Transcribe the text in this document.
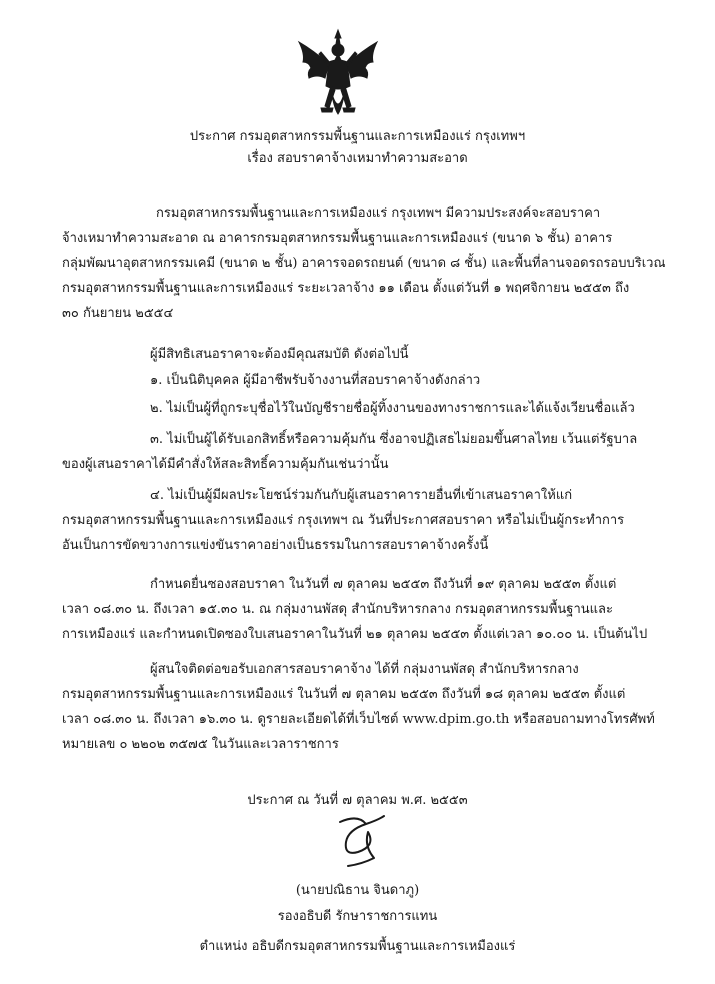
ประกาศ กรมอุตสาหกรรมพื้นฐานและการเหมืองแร่ กรุงเทพฯ
เรื่อง สอบราคาจ้างเหมาทำความสะอาด
กรมอุตสาหกรรมพื้นฐานและการเหมืองแร่ กรุงเทพฯ มีความประสงค์จะสอบราคา
จ้างเหมาทำความสะอาด ณ อาคารกรมอุตสาหกรรมพื้นฐานและการเหมืองแร่ (ขนาด ๖ ชั้น) อาคาร
กลุ่มพัฒนาอุตสาหกรรมเคมี (ขนาด ๒ ชั้น) อาคารจอดรถยนต์ (ขนาด ๘ ชั้น) และพื้นที่ลานจอดรถรอบบริเวณ
กรมอุตสาหกรรมพื้นฐานและการเหมืองแร่ ระยะเวลาจ้าง ๑๑ เดือน ตั้งแต่วันที่ ๑ พฤศจิกายน ๒๕๕๓ ถึง
๓๐ กันยายน ๒๕๕๔
ผู้มีสิทธิเสนอราคาจะต้องมีคุณสมบัติ ดังต่อไปนี้
๑. เป็นนิติบุคคล ผู้มีอาชีพรับจ้างงานที่สอบราคาจ้างดังกล่าว
๒. ไม่เป็นผู้ที่ถูกระบุชื่อไว้ในบัญชีรายชื่อผู้ทิ้งงานของทางราชการและได้แจ้งเวียนชื่อแล้ว
๓. ไม่เป็นผู้ได้รับเอกสิทธิ์หรือความคุ้มกัน ซึ่งอาจปฏิเสธไม่ยอมขึ้นศาลไทย เว้นแต่รัฐบาล
ของผู้เสนอราคาได้มีคำสั่งให้สละสิทธิ์ความคุ้มกันเช่นว่านั้น
๔. ไม่เป็นผู้มีผลประโยชน์ร่วมกันกับผู้เสนอราคารายอื่นที่เข้าเสนอราคาให้แก่
กรมอุตสาหกรรมพื้นฐานและการเหมืองแร่ กรุงเทพฯ ณ วันที่ประกาศสอบราคา หรือไม่เป็นผู้กระทำการ
อันเป็นการขัดขวางการแข่งขันราคาอย่างเป็นธรรมในการสอบราคาจ้างครั้งนี้
กำหนดยื่นซองสอบราคา ในวันที่ ๗ ตุลาคม ๒๕๕๓ ถึงวันที่ ๑๙ ตุลาคม ๒๕๕๓ ตั้งแต่
เวลา ๐๘.๓๐ น. ถึงเวลา ๑๕.๓๐ น. ณ กลุ่มงานพัสดุ สำนักบริหารกลาง กรมอุตสาหกรรมพื้นฐานและ
การเหมืองแร่ และกำหนดเปิดซองใบเสนอราคาในวันที่ ๒๑ ตุลาคม ๒๕๕๓ ตั้งแต่เวลา ๑๐.๐๐ น. เป็นต้นไป
ผู้สนใจติดต่อขอรับเอกสารสอบราคาจ้าง ได้ที่ กลุ่มงานพัสดุ สำนักบริหารกลาง
กรมอุตสาหกรรมพื้นฐานและการเหมืองแร่ ในวันที่ ๗ ตุลาคม ๒๕๕๓ ถึงวันที่ ๑๘ ตุลาคม ๒๕๕๓ ตั้งแต่
เวลา ๐๘.๓๐ น. ถึงเวลา ๑๖.๓๐ น. ดูรายละเอียดได้ที่เว็บไซต์ www.dpim.go.th หรือสอบถามทางโทรศัพท์
หมายเลข ๐ ๒๒๐๒ ๓๕๗๕ ในวันและเวลาราชการ
ประกาศ ณ วันที่ ๗ ตุลาคม พ.ศ. ๒๕๕๓
(นายปณิธาน จินดาภู)
รองอธิบดี รักษาราชการแทน
ตำแหน่ง อธิบดีกรมอุตสาหกรรมพื้นฐานและการเหมืองแร่
